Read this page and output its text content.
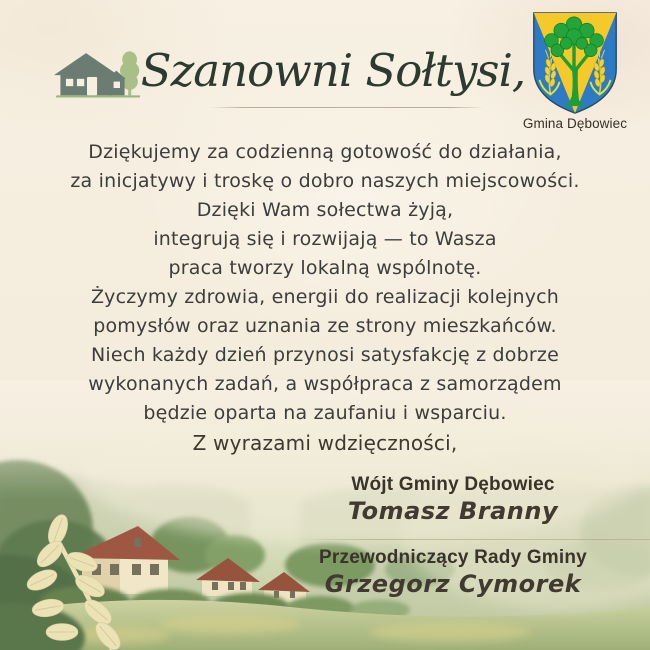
Szanowni Sołtysi,
Gmina Dębowiec
Dziękujemy za codzienną gotowość do działania,
za inicjatywy i troskę o dobro naszych miejscowości.
Dzięki Wam sołectwa żyją,
integrują się i rozwijają — to Wasza
praca tworzy lokalną wspólnotę.
Życzymy zdrowia, energii do realizacji kolejnych
pomysłów oraz uznania ze strony mieszkańców.
Niech każdy dzień przynosi satysfakcję z dobrze
wykonanych zadań, a współpraca z samorządem
będzie oparta na zaufaniu i wsparciu.
Z wyrazami wdzięczności,
Wójt Gminy Dębowiec
Tomasz Branny
Przewodniczący Rady Gminy
Grzegorz Cymorek
